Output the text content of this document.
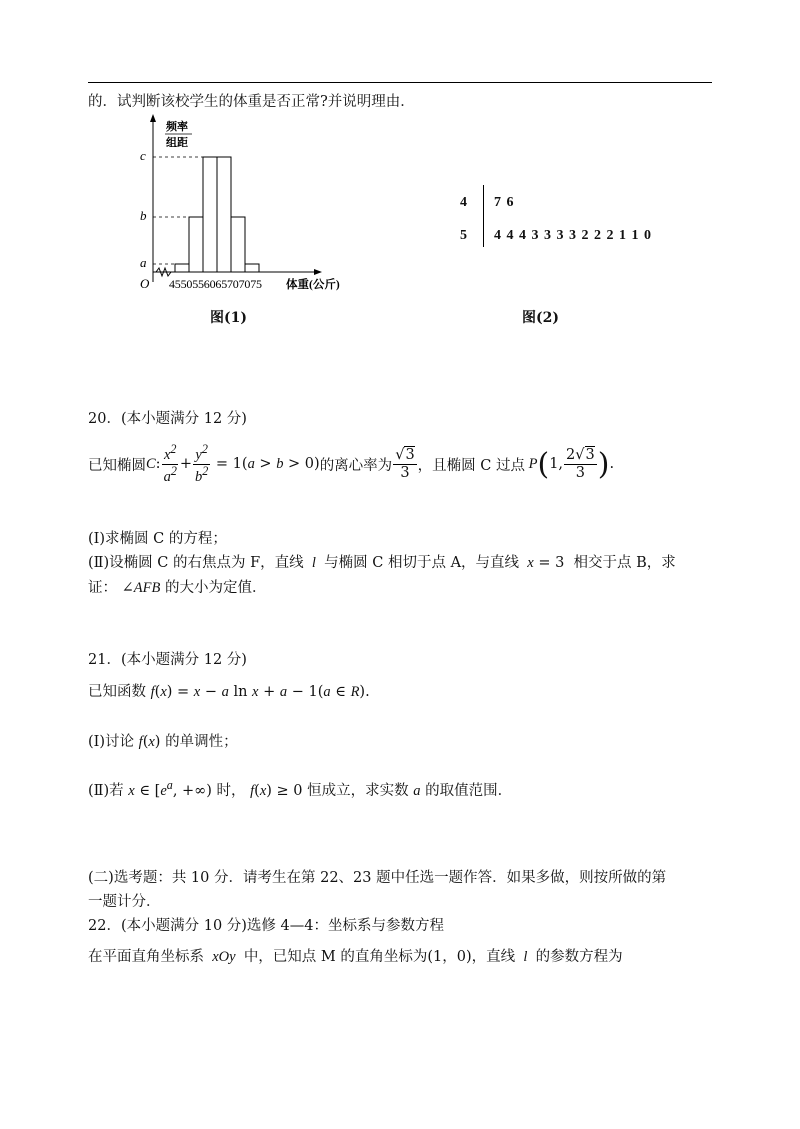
的．试判断该校学生的体重是否正常?并说明理由．
频率
组距
c
b
a
O 4550556065707075 体重(公斤)
图(1)
4
5
7 6
4 4 4 3 3 3 3 2 2 2 1 1 0
图(2)
20．(本小题满分 12 分)
已知椭圆 C : $\frac{x^2}{a^2} + \frac{y^2}{b^2} = 1(a > b > 0)$ 的离心率为 $\frac{√3}{3}$ ，且椭圆 C 过点 P ( 1, $\frac{2√3}{3}$ ) .
(I)求椭圆 C 的方程；
(Ⅱ)设椭圆 C 的右焦点为 F，直线  l  与椭圆 C 相切于点 A，与直线  x = 3  相交于点 B，求
证： ∠AFB 的大小为定值．
21．(本小题满分 12 分)
已知函数 f(x) = x − a ln x + a − 1(a ∈ R).
(I)讨论 f(x) 的单调性；
(Ⅱ)若 x ∈ [$e^a$, +∞) 时， f(x) ≥ 0 恒成立，求实数 a 的取值范围．
(二)选考题：共 10 分．请考生在第 22、23 题中任选一题作答．如果多做，则按所做的第
一题计分．
22．(本小题满分 10 分)选修 4—4：坐标系与参数方程
在平面直角坐标系  xOy  中，已知点 M 的直角坐标为(1，0)，直线  l  的参数方程为
